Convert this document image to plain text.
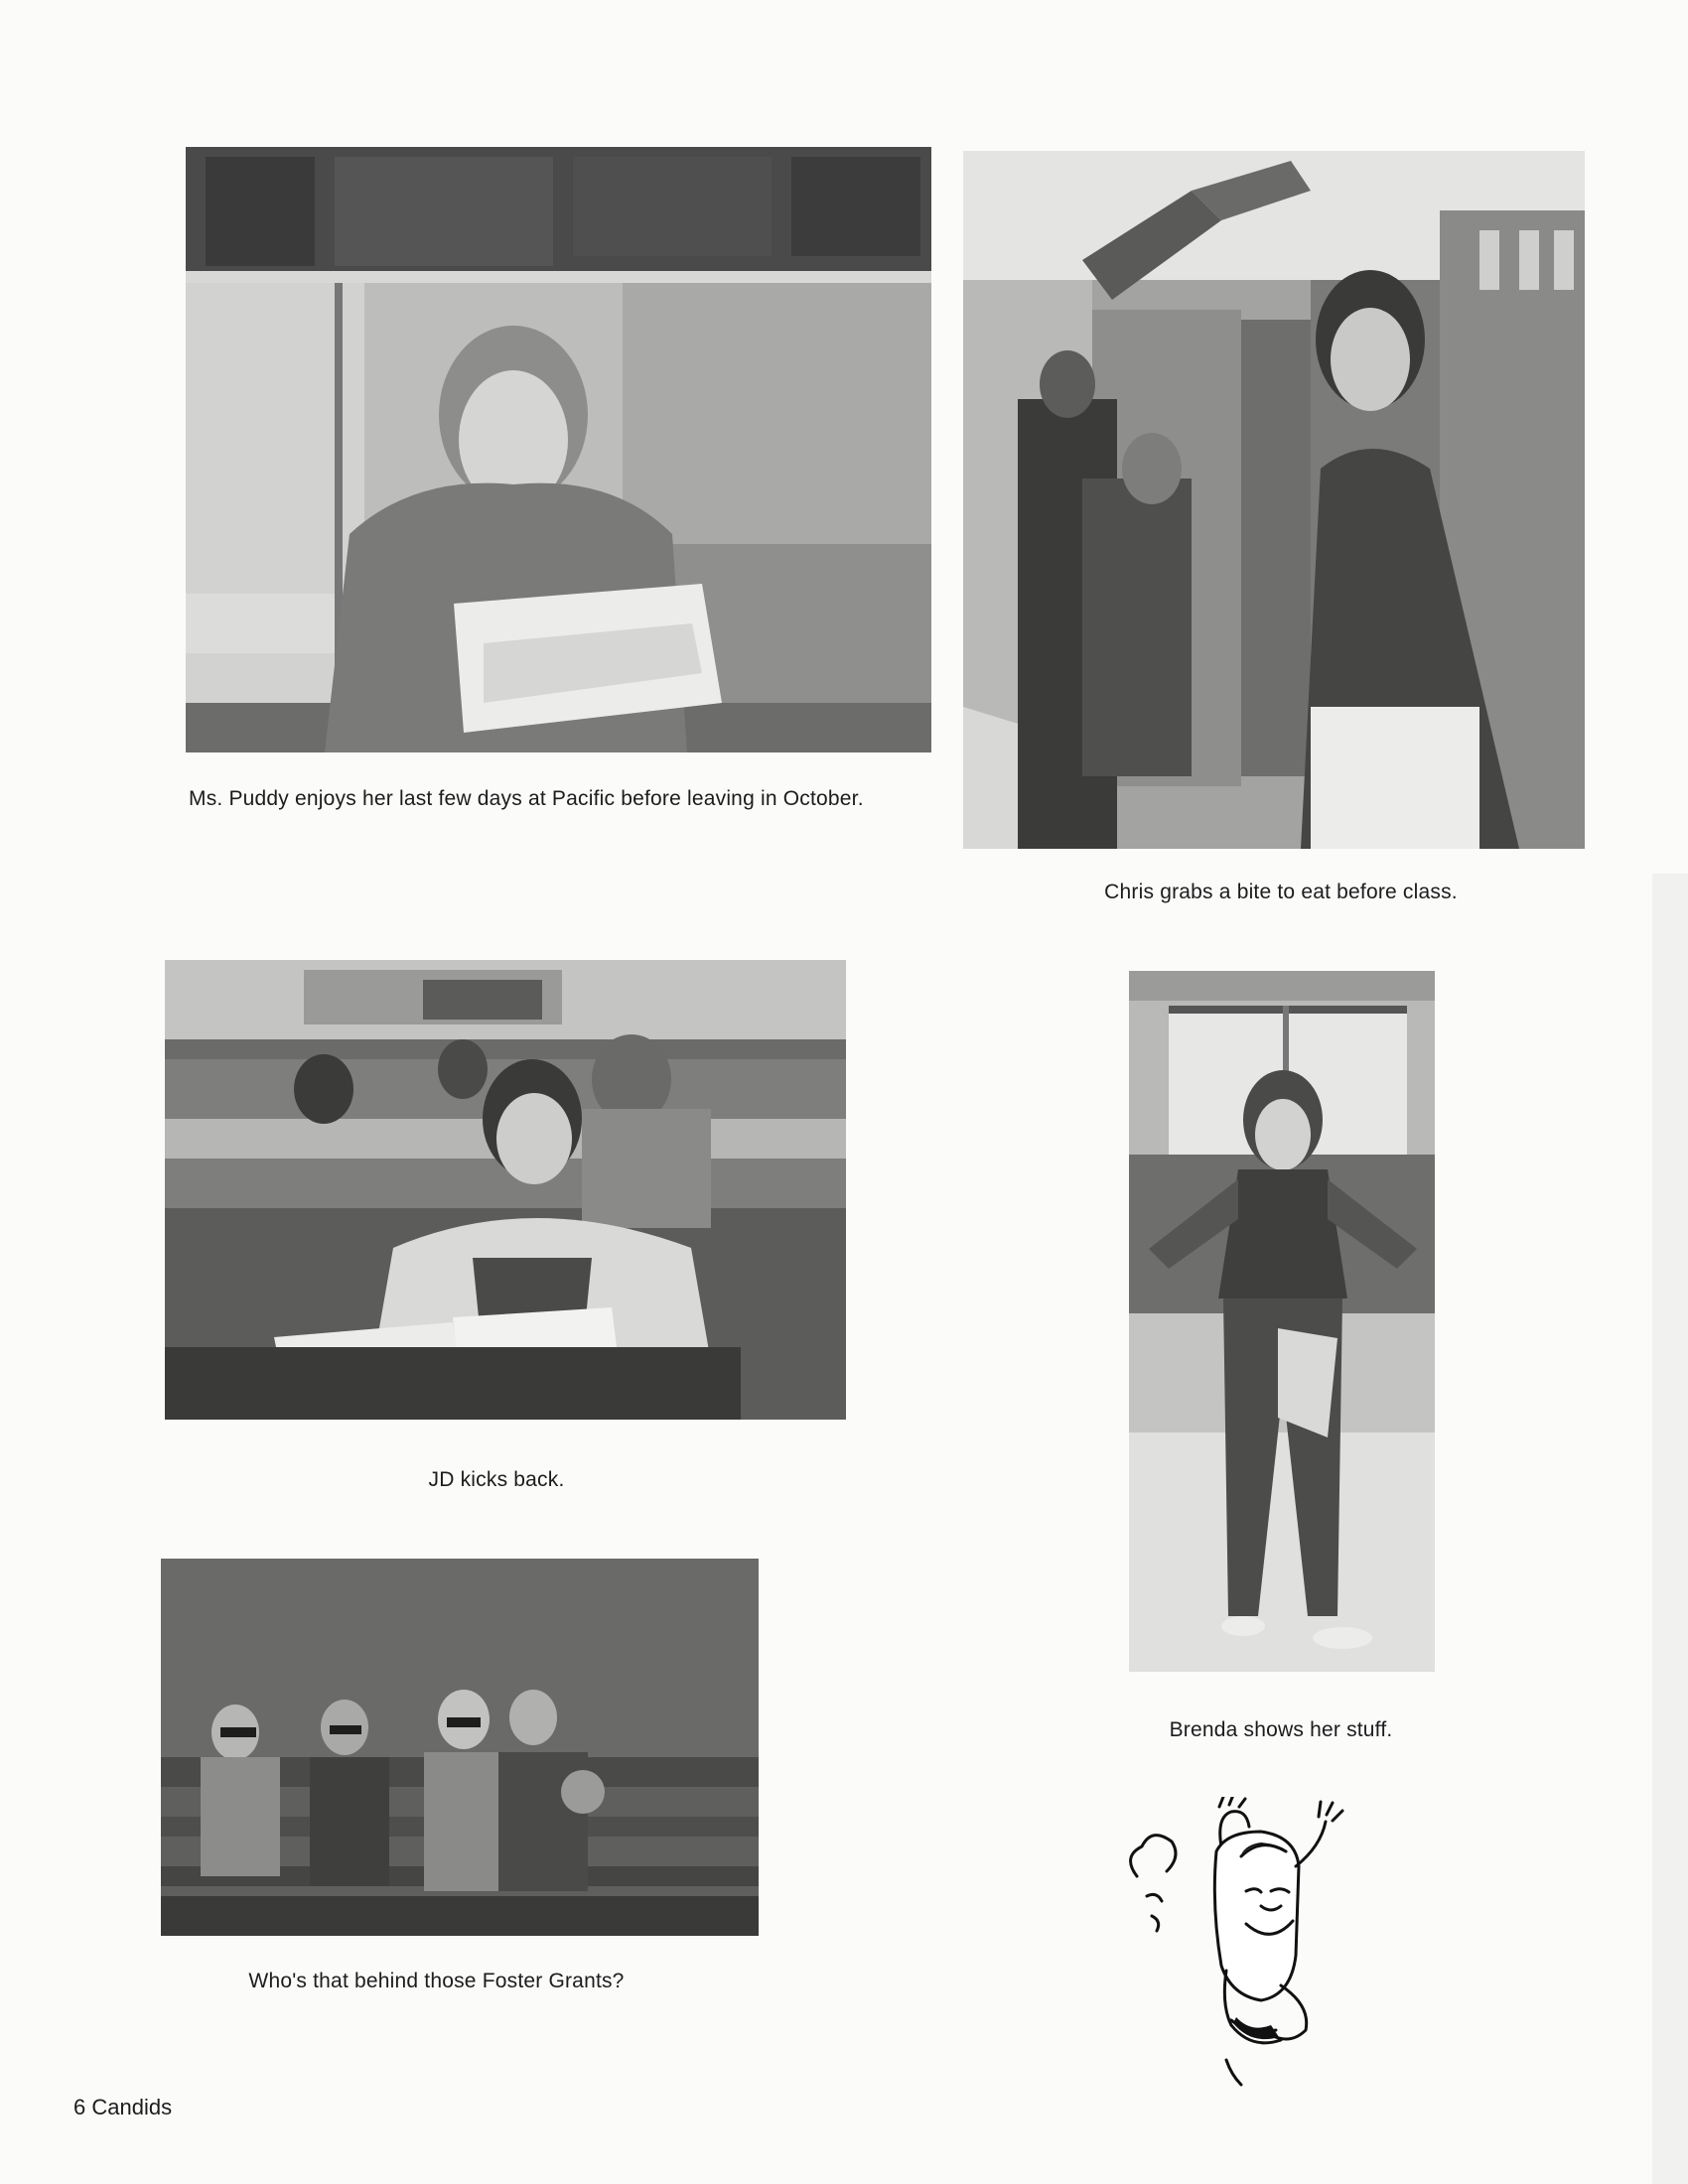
Ms. Puddy enjoys her last few days at Pacific before leaving in October.
Chris grabs a bite to eat before class.
JD kicks back.
Brenda shows her stuff.
Who's that behind those Foster Grants?
6 Candids
